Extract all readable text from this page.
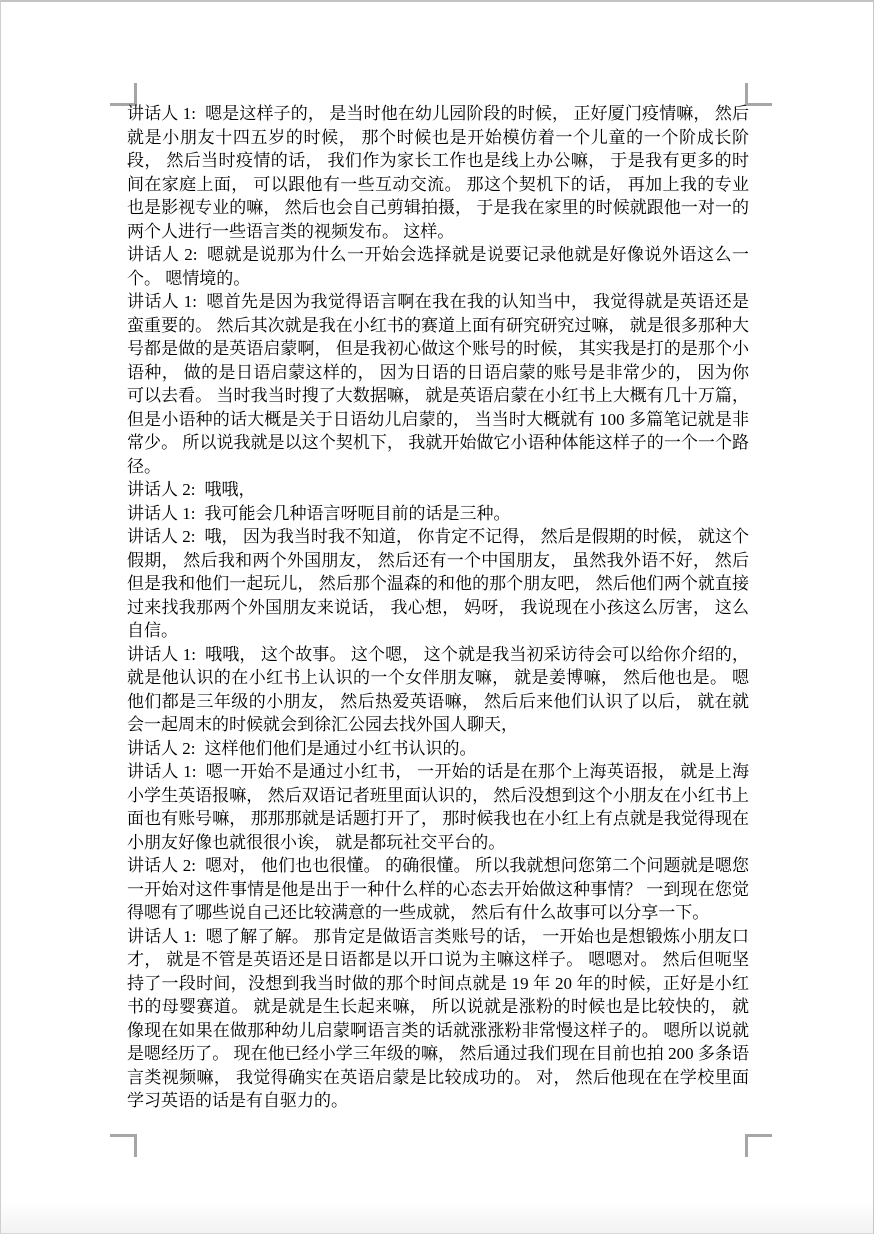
讲话人 1: 嗯是这样子的， 是当时他在幼儿园阶段的时候， 正好厦门疫情嘛， 然后就是小朋友十四五岁的时候， 那个时候也是开始模仿着一个儿童的一个阶成长阶段， 然后当时疫情的话， 我们作为家长工作也是线上办公嘛， 于是我有更多的时间在家庭上面， 可以跟他有一些互动交流。 那这个契机下的话， 再加上我的专业也是影视专业的嘛， 然后也会自己剪辑拍摄， 于是我在家里的时候就跟他一对一的两个人进行一些语言类的视频发布。 这样。

讲话人 2: 嗯就是说那为什么一开始会选择就是说要记录他就是好像说外语这么一个。 嗯情境的。

讲话人 1: 嗯首先是因为我觉得语言啊在我在我的认知当中， 我觉得就是英语还是蛮重要的。 然后其次就是我在小红书的赛道上面有研究研究过嘛， 就是很多那种大号都是做的是英语启蒙啊， 但是我初心做这个账号的时候， 其实我是打的是那个小语种， 做的是日语启蒙这样的， 因为日语的日语启蒙的账号是非常少的， 因为你可以去看。 当时我当时搜了大数据嘛， 就是英语启蒙在小红书上大概有几十万篇， 但是小语种的话大概是关于日语幼儿启蒙的， 当当时大概就有 100 多篇笔记就是非常少。 所以说我就是以这个契机下， 我就开始做它小语种体能这样子的一个一个路径。

讲话人 2: 哦哦，

讲话人 1: 我可能会几种语言呀呃目前的话是三种。

讲话人 2: 哦， 因为我当时我不知道， 你肯定不记得， 然后是假期的时候， 就这个假期， 然后我和两个外国朋友， 然后还有一个中国朋友， 虽然我外语不好， 然后但是我和他们一起玩儿， 然后那个温森的和他的那个朋友吧， 然后他们两个就直接过来找我那两个外国朋友来说话， 我心想， 妈呀， 我说现在小孩这么厉害， 这么自信。

讲话人 1: 哦哦， 这个故事。 这个嗯， 这个就是我当初采访待会可以给你介绍的， 就是他认识的在小红书上认识的一个女伴朋友嘛， 就是姜博嘛， 然后他也是。 嗯他们都是三年级的小朋友， 然后热爱英语嘛， 然后后来他们认识了以后， 就在就会一起周末的时候就会到徐汇公园去找外国人聊天，

讲话人 2: 这样他们他们是通过小红书认识的。

讲话人 1: 嗯一开始不是通过小红书， 一开始的话是在那个上海英语报， 就是上海小学生英语报嘛， 然后双语记者班里面认识的， 然后没想到这个小朋友在小红书上面也有账号嘛， 那那那就是话题打开了， 那时候我也在小红上有点就是我觉得现在小朋友好像也就很很小诶， 就是都玩社交平台的。

讲话人 2: 嗯对， 他们也也很懂。 的确很懂。 所以我就想问您第二个问题就是嗯您一开始对这件事情是他是出于一种什么样的心态去开始做这种事情？ 一到现在您觉得嗯有了哪些说自己还比较满意的一些成就， 然后有什么故事可以分享一下。

讲话人 1: 嗯了解了解。 那肯定是做语言类账号的话， 一开始也是想锻炼小朋友口才， 就是不管是英语还是日语都是以开口说为主嘛这样子。 嗯嗯对。 然后但呃坚持了一段时间，没想到我当时做的那个时间点就是 19 年 20 年的时候，正好是小红书的母婴赛道。 就是就是生长起来嘛， 所以说就是涨粉的时候也是比较快的， 就像现在如果在做那种幼儿启蒙啊语言类的话就涨涨粉非常慢这样子的。 嗯所以说就是嗯经历了。 现在他已经小学三年级的嘛， 然后通过我们现在目前也拍 200 多条语言类视频嘛， 我觉得确实在英语启蒙是比较成功的。 对， 然后他现在在学校里面学习英语的话是有自驱力的。
